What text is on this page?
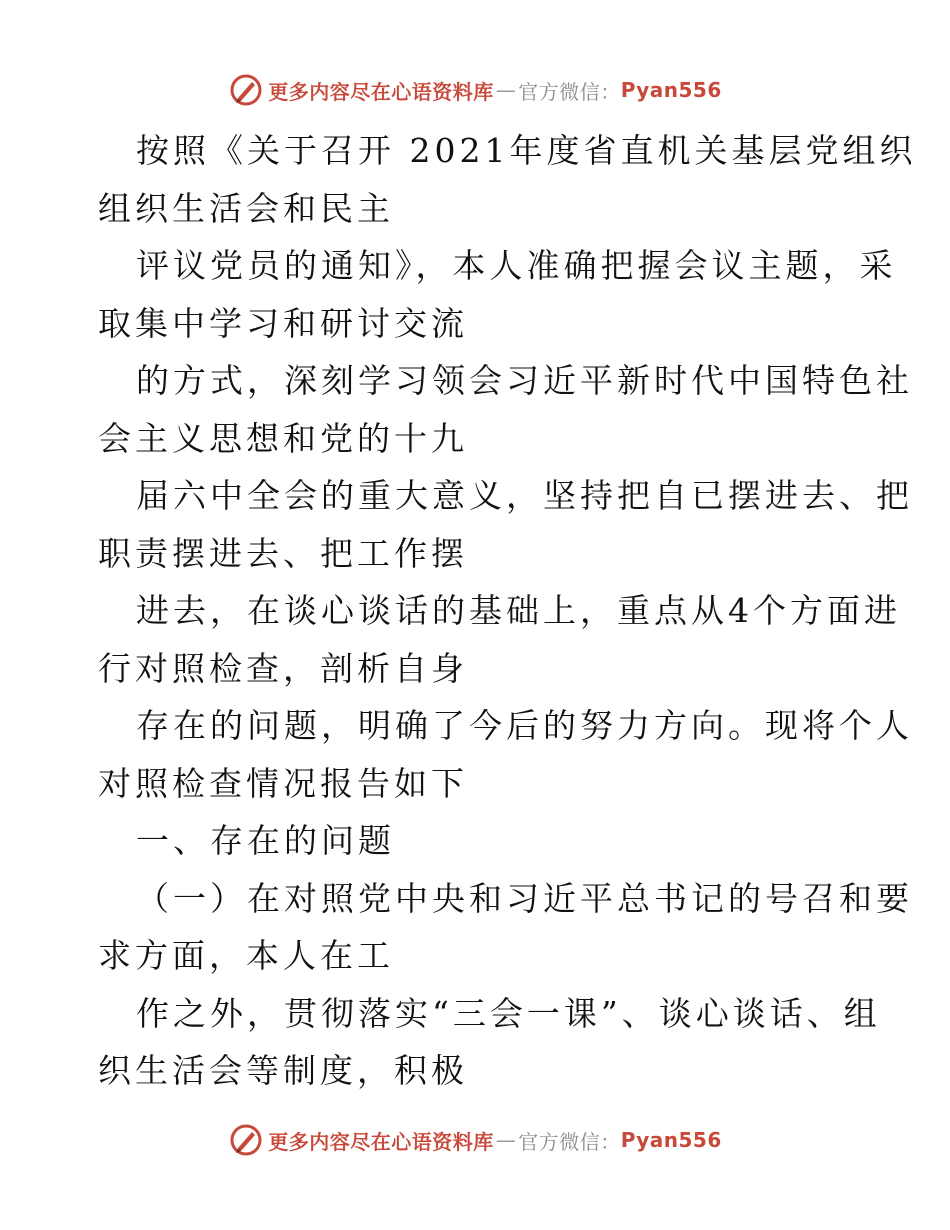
更多内容尽在心语资料库 — 官方微信： Pyan556
按照《关于召开 2021年度省直机关基层党组织
组织生活会和民主
评议党员的通知》，本人准确把握会议主题，采
取集中学习和研讨交流
的方式，深刻学习领会习近平新时代中国特色社
会主义思想和党的十九
届六中全会的重大意义，坚持把自已摆进去、把
职责摆进去、把工作摆
进去，在谈心谈话的基础上，重点从4个方面进
行对照检查，剖析自身
存在的问题，明确了今后的努力方向。现将个人
对照检查情况报告如下
一、存在的问题
（一）在对照党中央和习近平总书记的号召和要
求方面，本人在工
作之外，贯彻落实“三会一课”、谈心谈话、组
织生活会等制度，积极
更多内容尽在心语资料库 — 官方微信： Pyan556
